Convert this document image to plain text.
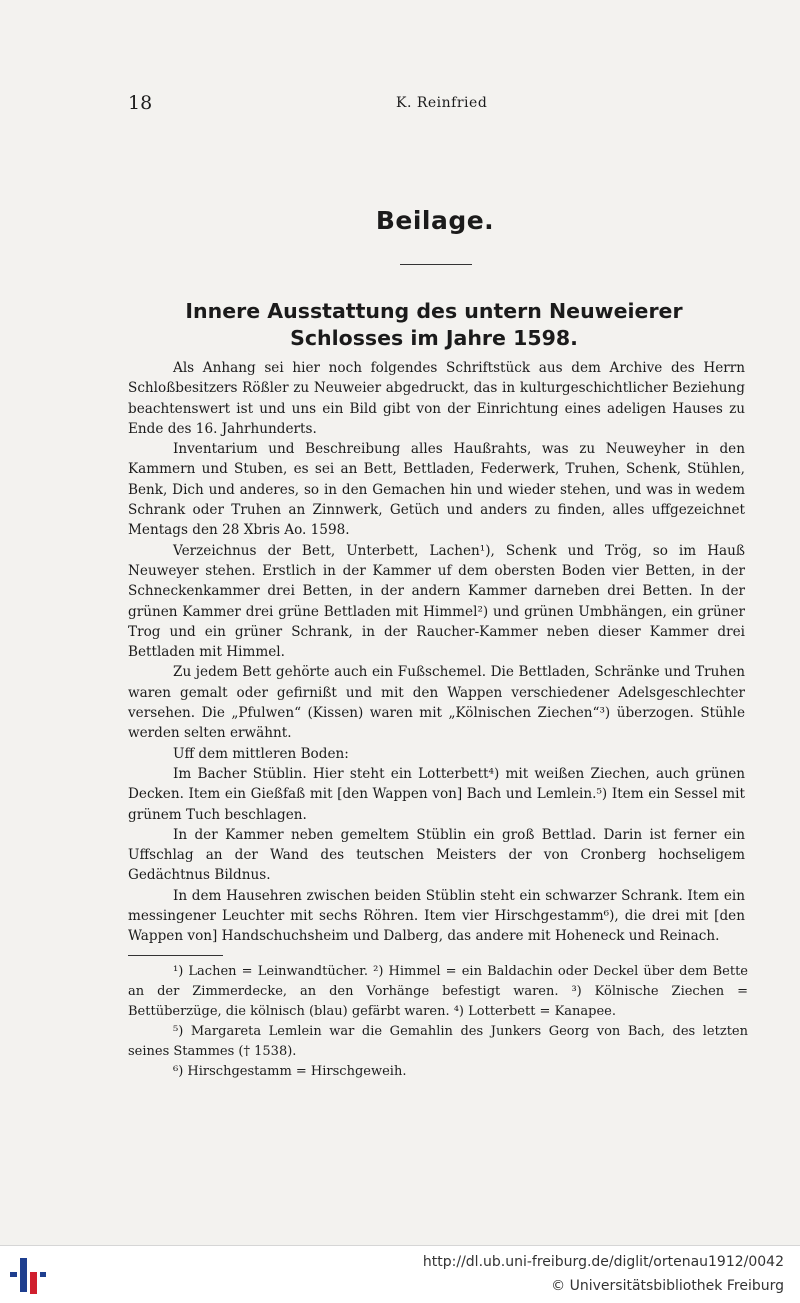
18	K. Reinfried
Beilage.
Innere Ausstattung des untern Neuweierer Schlosses im Jahre 1598.

Als Anhang sei hier noch folgendes Schriftstück aus dem Archive des Herrn Schloßbesitzers Rößler zu Neuweier abgedruckt, das in kulturgeschichtlicher Beziehung beachtenswert ist und uns ein Bild gibt von der Einrichtung eines adeligen Hauses zu Ende des 16. Jahrhunderts.

Inventarium und Beschreibung alles Haußrahts, was zu Neuweyher in den Kammern und Stuben, es sei an Bett, Bettladen, Federwerk, Truhen, Schenk, Stühlen, Benk, Dich und anderes, so in den Gemachen hin und wieder stehen, und was in wedem Schrank oder Truhen an Zinnwerk, Getüch und anders zu finden, alles uffgezeichnet Mentags den 28 Xbris Ao. 1598.

Verzeichnus der Bett, Unterbett, Lachen¹), Schenk und Trög, so im Hauß Neuweyer stehen. Erstlich in der Kammer uf dem obersten Boden vier Betten, in der Schneckenkammer drei Betten, in der andern Kammer darneben drei Betten. In der grünen Kammer drei grüne Bettladen mit Himmel²) und grünen Umbhängen, ein grüner Trog und ein grüner Schrank, in der Raucher-Kammer neben dieser Kammer drei Bettladen mit Himmel.

Zu jedem Bett gehörte auch ein Fußschemel. Die Bettladen, Schränke und Truhen waren gemalt oder gefirnißt und mit den Wappen verschiedener Adelsgeschlechter versehen. Die „Pfulwen“ (Kissen) waren mit „Kölnischen Ziechen“³) überzogen. Stühle werden selten erwähnt.

Uff dem mittleren Boden:

Im Bacher Stüblin. Hier steht ein Lotterbett⁴) mit weißen Ziechen, auch grünen Decken. Item ein Gießfaß mit [den Wappen von] Bach und Lemlein.⁵) Item ein Sessel mit grünem Tuch beschlagen.

In der Kammer neben gemeltem Stüblin ein groß Bettlad. Darin ist ferner ein Uffschlag an der Wand des teutschen Meisters der von Cronberg hochseligem Gedächtnus Bildnus.

In dem Hausehren zwischen beiden Stüblin steht ein schwarzer Schrank. Item ein messingener Leuchter mit sechs Röhren. Item vier Hirschgestamm⁶), die drei mit [den Wappen von] Handschuchsheim und Dalberg, das andere mit Hoheneck und Reinach.

¹) Lachen = Leinwandtücher. ²) Himmel = ein Baldachin oder Deckel über dem Bette an der Zimmerdecke, an den Vorhänge befestigt waren. ³) Kölnische Ziechen = Bettüberzüge, die kölnisch (blau) gefärbt waren. ⁴) Lotterbett = Kanapee.

⁵) Margareta Lemlein war die Gemahlin des Junkers Georg von Bach, des letzten seines Stammes († 1538).

⁶) Hirschgestamm = Hirschgeweih.

http://dl.ub.uni-freiburg.de/diglit/ortenau1912/0042
© Universitätsbibliothek Freiburg
